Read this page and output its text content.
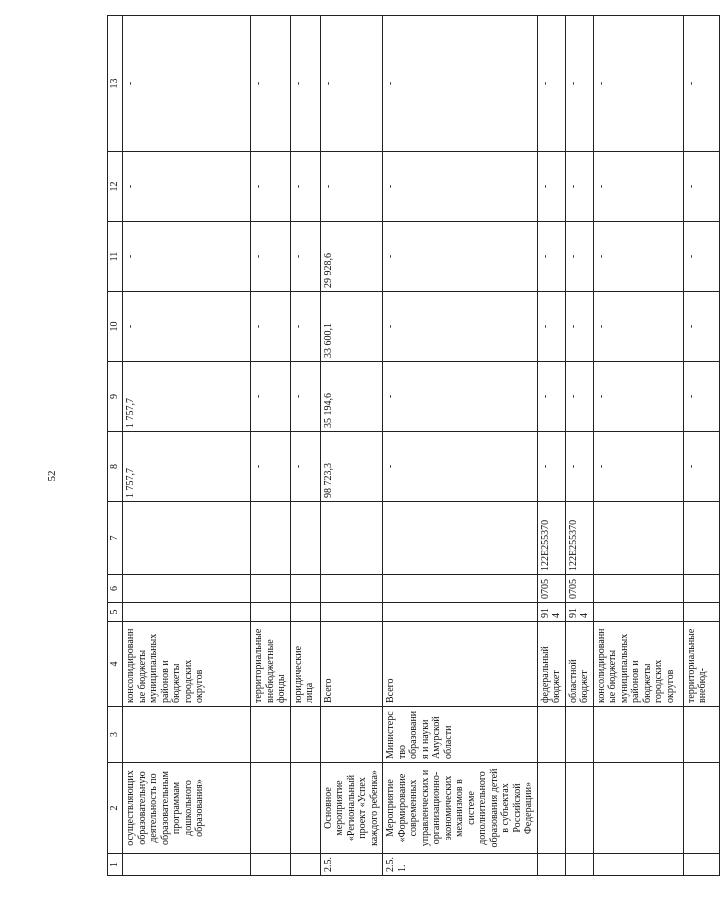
52
1	2	3	4	5	6	7	8	9	10	11	12	13
	осуществляющих образовательную деятельность по образовательным программам дошкольного образования»		консолидированные бюджеты муниципальных районов и бюджеты городских округов				1 757,7	1 757,7	-	-	-	-
			территориальные внебюджетные фонды				-	-	-	-	-	-
			юридические лица				-	-	-	-	-	-
2.5.	Основное мероприятие «Региональный проект «Успех каждого ребенка»		Всего				98 723,3	35 194,6	33 600,1	29 928,6	-	-
2.5.1.	Мероприятие «Формирование современных управленческих и организационно-экономических механизмов в системе дополнительного образования детей в субъектах Российской Федерации»	Министерство образования и науки Амурской области	Всего				-	-	-	-	-	-
			федеральный бюджет	914	0705	122E255370	-	-	-	-	-	-
			областной бюджет	914	0705	122E255370	-	-	-	-	-	-
			консолидированные бюджеты муниципальных районов и бюджеты городских округов				-	-	-	-	-	-
			территориальные внебюд-				-	-	-	-	-	-
